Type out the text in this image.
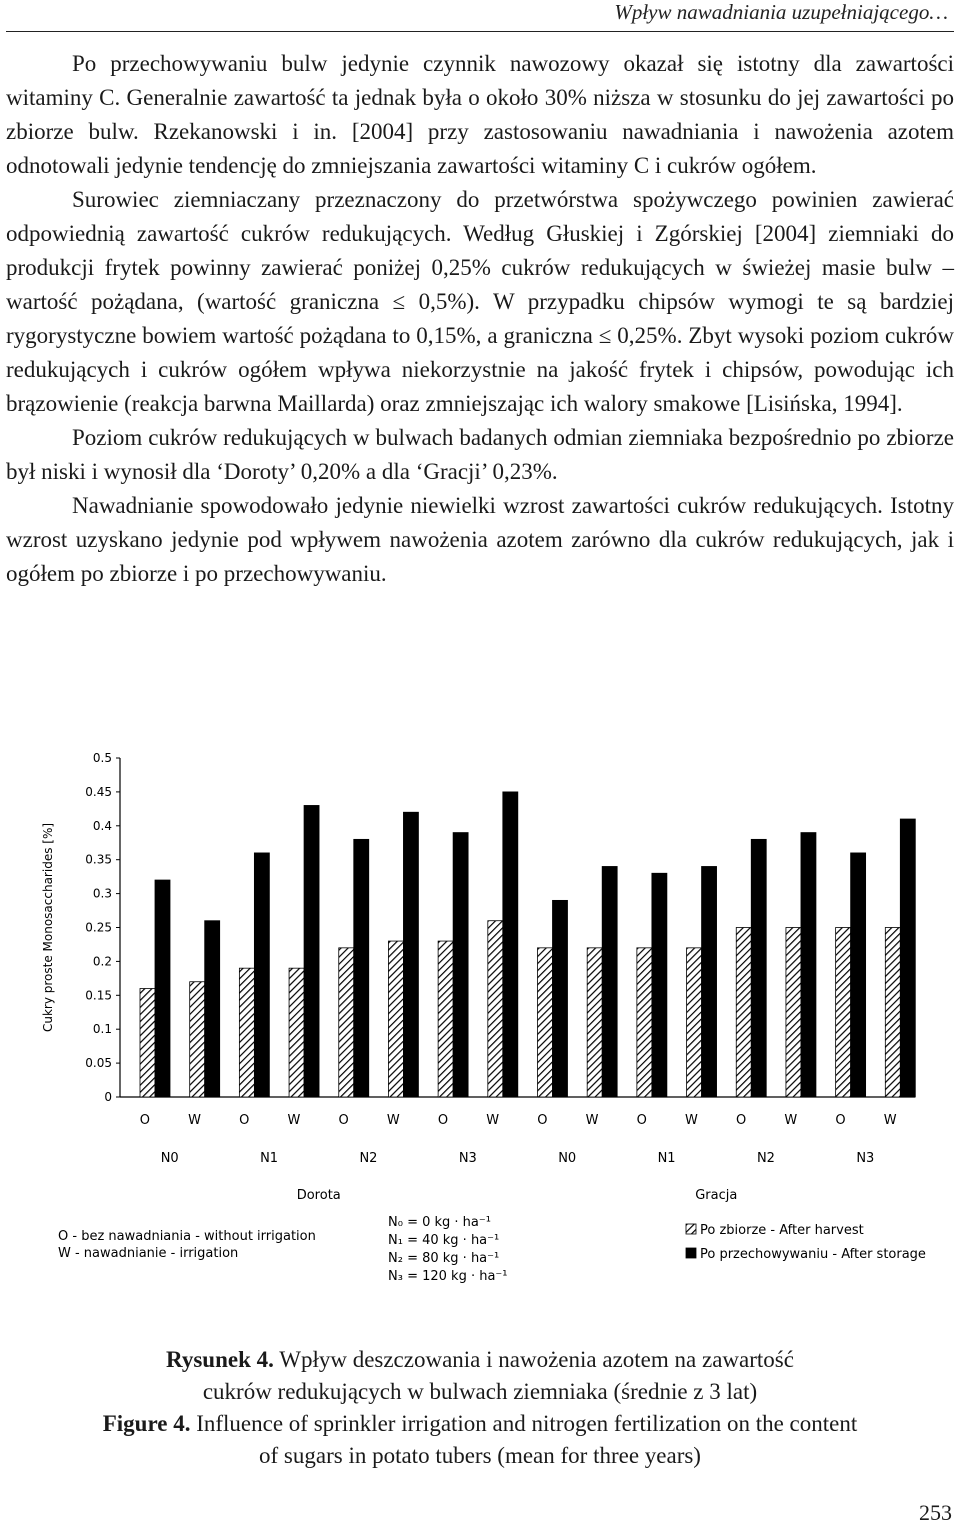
Wpływ nawadniania uzupełniającego…

Po przechowywaniu bulw jedynie czynnik nawozowy okazał się istotny dla zawartości witaminy C. Generalnie zawartość ta jednak była o około 30% niższa w stosunku do jej zawartości po zbiorze bulw. Rzekanowski i in. [2004] przy zastosowaniu nawadniania i nawożenia azotem odnotowali jedynie tendencję do zmniejszania zawartości witaminy C i cukrów ogółem.

Surowiec ziemniaczany przeznaczony do przetwórstwa spożywczego powinien zawierać odpowiednią zawartość cukrów redukujących. Według Głuskiej i Zgórskiej [2004] ziemniaki do produkcji frytek powinny zawierać poniżej 0,25% cukrów redukujących w świeżej masie bulw – wartość pożądana, (wartość graniczna ≤ 0,5%). W przypadku chipsów wymogi te są bardziej rygorystyczne bowiem wartość pożądana to 0,15%, a graniczna ≤ 0,25%. Zbyt wysoki poziom cukrów redukujących i cukrów ogółem wpływa niekorzystnie na jakość frytek i chipsów, powodując ich brązowienie (reakcja barwna Maillarda) oraz zmniejszając ich walory smakowe [Lisińska, 1994].

Poziom cukrów redukujących w bulwach badanych odmian ziemniaka bezpośrednio po zbiorze był niski i wynosił dla ‘Doroty’ 0,20% a dla ‘Gracji’ 0,23%.

Nawadnianie spowodowało jedynie niewielki wzrost zawartości cukrów redukujących. Istotny wzrost uzyskano jedynie pod wpływem nawożenia azotem zarówno dla cukrów redukujących, jak i ogółem po zbiorze i po przechowywaniu.

0
0.05
0.1
0.15
0.2
0.25
0.3
0.35
0.4
0.45
0.5
Cukry proste Monosaccharides [%]
O	W	O	W	O	W	O	W	O	W	O	W	O	W	O	W
N0	N1	N2	N3	N0	N1	N2	N3
Dorota	Gracja
O - bez nawadniania - without irrigation
W - nawadnianie - irrigation
N₀ = 0 kg · ha⁻¹
N₁ = 40 kg · ha⁻¹
N₂ = 80 kg · ha⁻¹
N₃ = 120 kg · ha⁻¹
Po zbiorze - After harvest
Po przechowywaniu - After storage
Rysunek 4. Wpływ deszczowania i nawożenia azotem na zawartość
cukrów redukujących w bulwach ziemniaka (średnie z 3 lat)
Figure 4. Influence of sprinkler irrigation and nitrogen fertilization on the content
of sugars in potato tubers (mean for three years)
253
